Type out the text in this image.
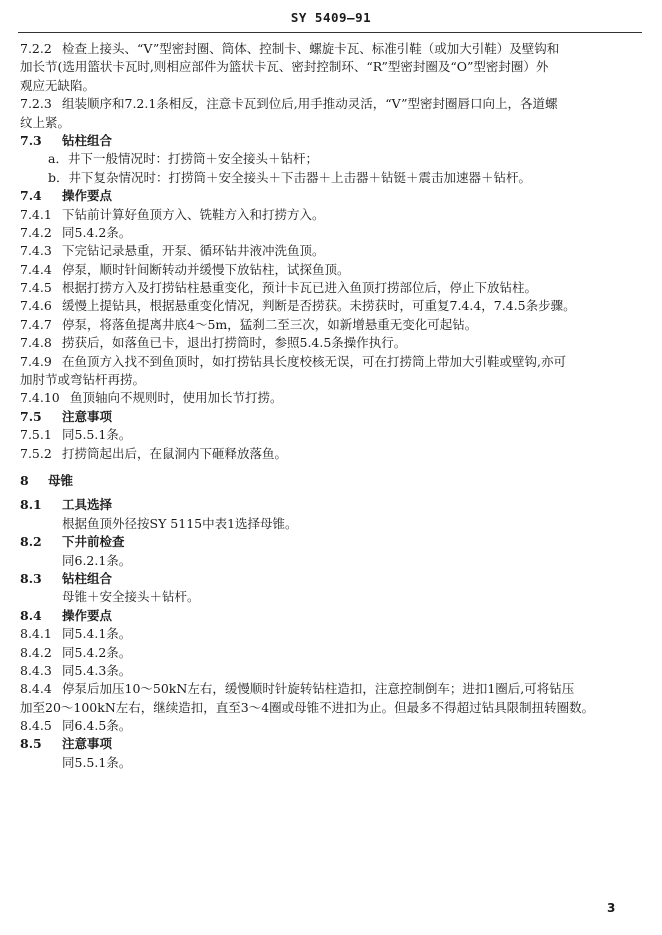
SY 5409—91
7.2.2 检查上接头、“V”型密封圈、筒体、控制卡、螺旋卡瓦、标准引鞋（或加大引鞋）及壁钩和
加长节(选用篮状卡瓦时,则相应部件为篮状卡瓦、密封控制环、“R”型密封圈及“O”型密封圈）外
观应无缺陷。
7.2.3 组装顺序和7.2.1条相反，注意卡瓦到位后,用手推动灵活，“V”型密封圈唇口向上，各道螺
纹上紧。
7.3 钻柱组合
a．井下一般情况时：打捞筒＋安全接头＋钻杆；
b．井下复杂情况时：打捞筒＋安全接头＋下击器＋上击器＋钻铤＋震击加速器＋钻杆。
7.4 操作要点
7.4.1 下钻前计算好鱼顶方入、铣鞋方入和打捞方入。
7.4.2 同5.4.2条。
7.4.3 下完钻记录悬重，开泵、循环钻井液冲洗鱼顶。
7.4.4 停泵，顺时针间断转动并缓慢下放钻柱，试探鱼顶。
7.4.5 根据打捞方入及打捞钻柱悬重变化，预计卡瓦已进入鱼顶打捞部位后，停止下放钻柱。
7.4.6 缓慢上提钻具，根据悬重变化情况，判断是否捞获。未捞获时，可重复7.4.4，7.4.5条步骤。
7.4.7 停泵，将落鱼提离井底4～5m，猛刹二至三次，如新增悬重无变化可起钻。
7.4.8 捞获后，如落鱼已卡，退出打捞筒时，参照5.4.5条操作执行。
7.4.9 在鱼顶方入找不到鱼顶时，如打捞钻具长度校核无误，可在打捞筒上带加大引鞋或壁钩,亦可
加肘节或弯钻杆再捞。
7.4.10 鱼顶轴向不规则时，使用加长节打捞。
7.5 注意事项
7.5.1 同5.5.1条。
7.5.2 打捞筒起出后，在鼠洞内下砸释放落鱼。
8 母锥
8.1 工具选择
根据鱼顶外径按SY 5115中表1选择母锥。
8.2 下井前检查
同6.2.1条。
8.3 钻柱组合
母锥＋安全接头＋钻杆。
8.4 操作要点
8.4.1 同5.4.1条。
8.4.2 同5.4.2条。
8.4.3 同5.4.3条。
8.4.4 停泵后加压10～50kN左右，缓慢顺时针旋转钻柱造扣，注意控制倒车；进扣1圈后,可将钻压
加至20～100kN左右，继续造扣，直至3～4圈或母锥不进扣为止。但最多不得超过钻具限制扭转圈数。
8.4.5 同6.4.5条。
8.5 注意事项
同5.5.1条。
3
